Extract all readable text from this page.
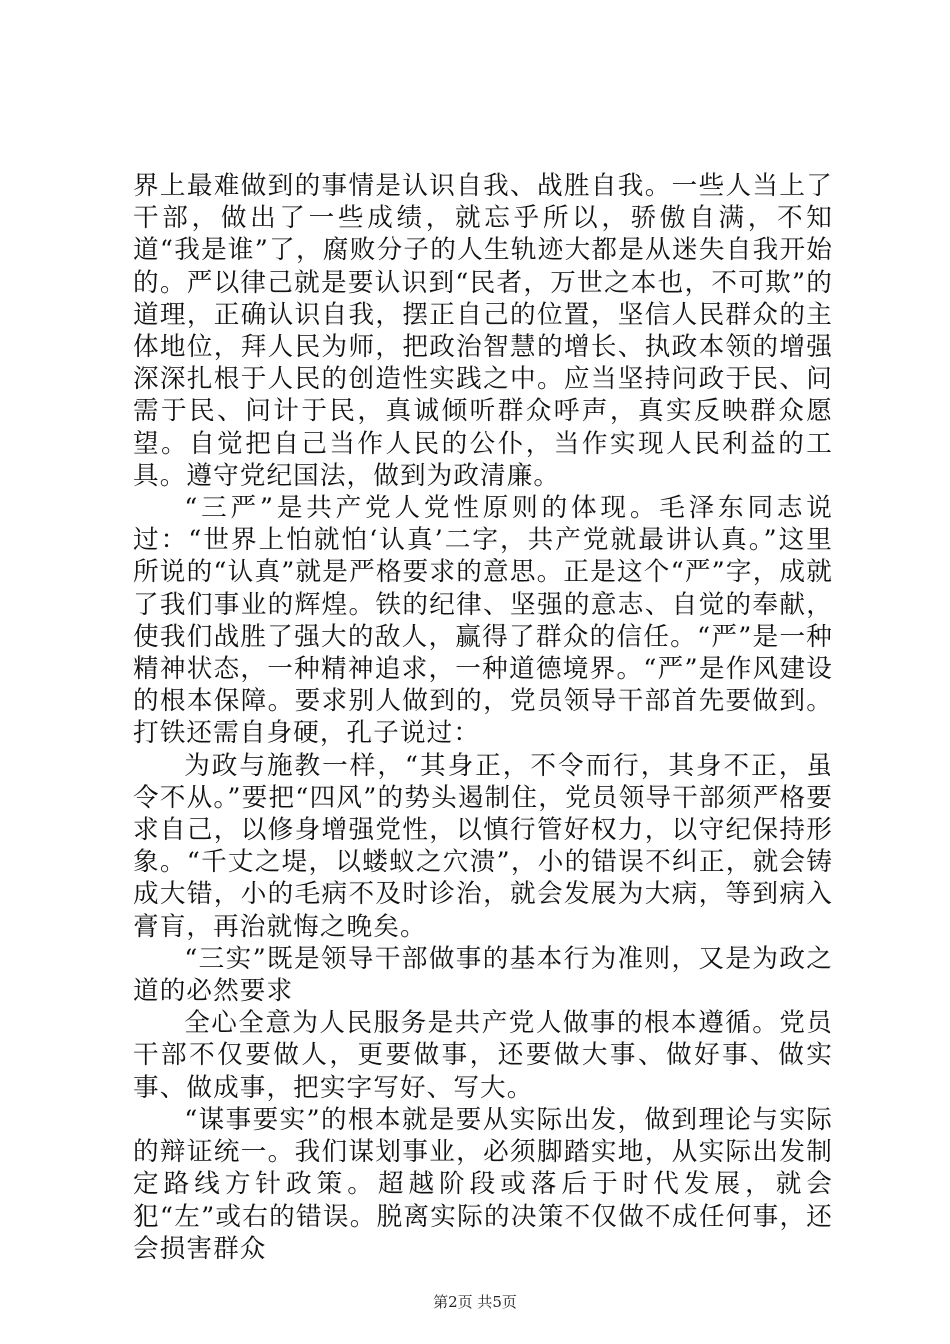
界上最难做到的事情是认识自我、战胜自我。一些人当上了干部，做出了一些成绩，就忘乎所以，骄傲自满，不知道“我是谁”了，腐败分子的人生轨迹大都是从迷失自我开始的。严以律己就是要认识到“民者，万世之本也，不可欺”的道理，正确认识自我，摆正自己的位置，坚信人民群众的主体地位，拜人民为师，把政治智慧的增长、执政本领的增强深深扎根于人民的创造性实践之中。应当坚持问政于民、问需于民、问计于民，真诚倾听群众呼声，真实反映群众愿望。自觉把自己当作人民的公仆，当作实现人民利益的工具。遵守党纪国法，做到为政清廉。

“三严”是共产党人党性原则的体现。毛泽东同志说过：“世界上怕就怕‘认真’二字，共产党就最讲认真。”这里所说的“认真”就是严格要求的意思。正是这个“严”字，成就了我们事业的辉煌。铁的纪律、坚强的意志、自觉的奉献，使我们战胜了强大的敌人，赢得了群众的信任。“严”是一种精神状态，一种精神追求，一种道德境界。“严”是作风建设的根本保障。要求别人做到的，党员领导干部首先要做到。打铁还需自身硬，孔子说过：

为政与施教一样，“其身正，不令而行，其身不正，虽令不从。”要把“四风”的势头遏制住，党员领导干部须严格要求自己，以修身增强党性，以慎行管好权力，以守纪保持形象。“千丈之堤，以蝼蚁之穴溃”，小的错误不纠正，就会铸成大错，小的毛病不及时诊治，就会发展为大病，等到病入膏肓，再治就悔之晚矣。

“三实”既是领导干部做事的基本行为准则，又是为政之道的必然要求

全心全意为人民服务是共产党人做事的根本遵循。党员干部不仅要做人，更要做事，还要做大事、做好事、做实事、做成事，把实字写好、写大。

“谋事要实”的根本就是要从实际出发，做到理论与实际的辩证统一。我们谋划事业，必须脚踏实地，从实际出发制定路线方针政策。超越阶段或落后于时代发展，就会犯“左”或右的错误。脱离实际的决策不仅做不成任何事，还会损害群众

第2页 共5页
